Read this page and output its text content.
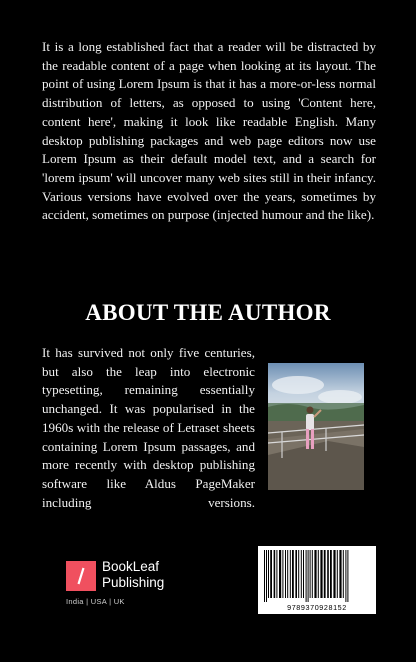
It is a long established fact that a reader will be distracted by the readable content of a page when looking at its layout. The point of using Lorem Ipsum is that it has a more-or-less normal distribution of letters, as opposed to using 'Content here, content here', making it look like readable English. Many desktop publishing packages and web page editors now use Lorem Ipsum as their default model text, and a search for 'lorem ipsum' will uncover many web sites still in their infancy. Various versions have evolved over the years, sometimes by accident, sometimes on purpose (injected humour and the like).

ABOUT THE AUTHOR

It has survived not only five centuries, but also the leap into electronic typesetting, remaining essentially unchanged. It was popularised in the 1960s with the release of Letraset sheets containing Lorem Ipsum passages, and more recently with desktop publishing software like Aldus PageMaker including versions.

BookLeaf
Publishing
India | USA | UK
9789370928152
